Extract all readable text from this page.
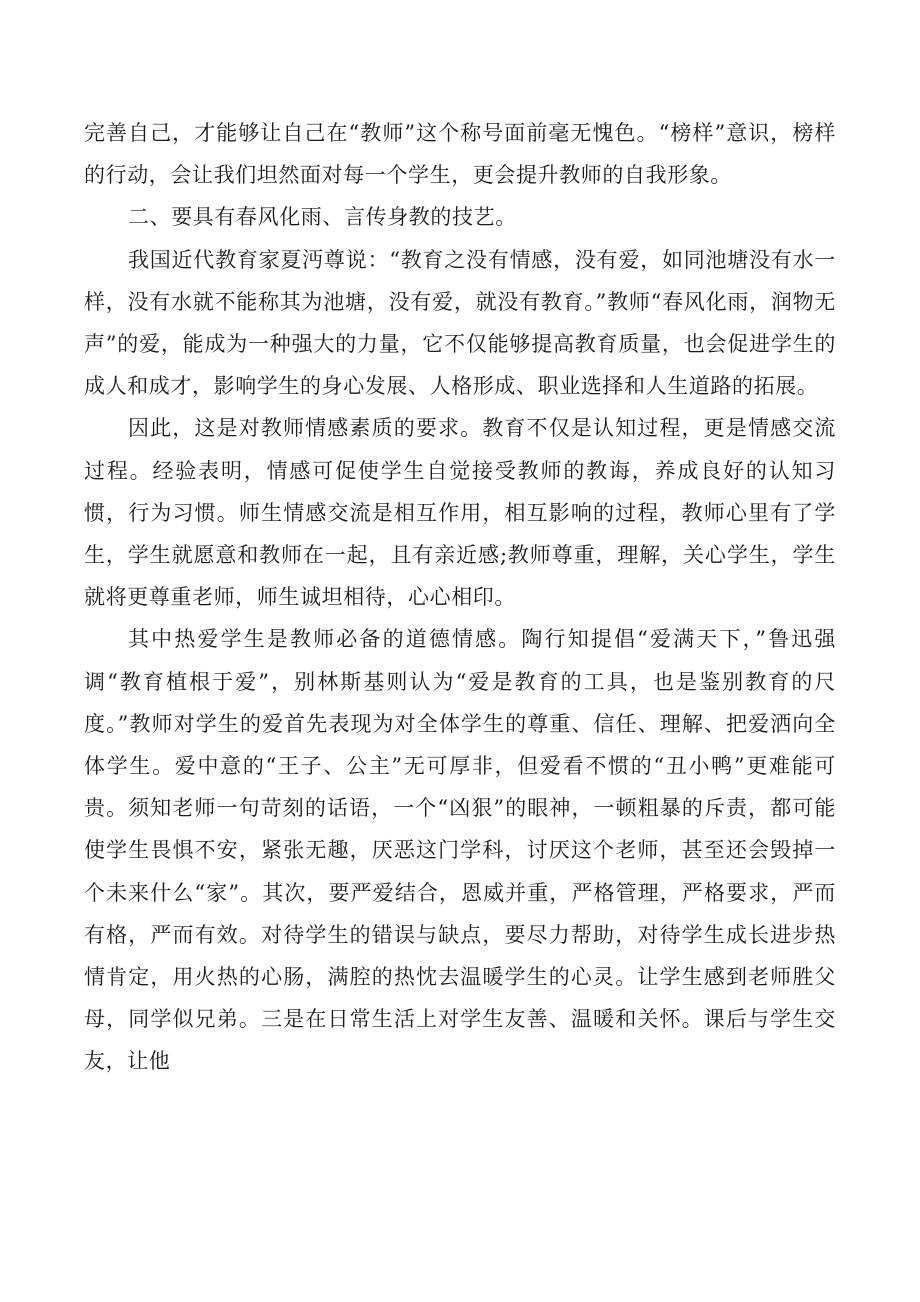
完善自己，才能够让自己在“教师”这个称号面前毫无愧色。“榜样”意识，榜样的行动，会让我们坦然面对每一个学生，更会提升教师的自我形象。

二、要具有春风化雨、言传身教的技艺。

我国近代教育家夏沔尊说：“教育之没有情感，没有爱，如同池塘没有水一样，没有水就不能称其为池塘，没有爱，就没有教育。”教师“春风化雨，润物无声”的爱，能成为一种强大的力量，它不仅能够提高教育质量，也会促进学生的成人和成才，影响学生的身心发展、人格形成、职业选择和人生道路的拓展。

因此，这是对教师情感素质的要求。教育不仅是认知过程，更是情感交流过程。经验表明，情感可促使学生自觉接受教师的教诲，养成良好的认知习惯，行为习惯。师生情感交流是相互作用，相互影响的过程，教师心里有了学生，学生就愿意和教师在一起，且有亲近感;教师尊重，理解，关心学生，学生就将更尊重老师，师生诚坦相待，心心相印。

其中热爱学生是教师必备的道德情感。陶行知提倡“爱满天下，”鲁迅强调“教育植根于爱”，别林斯基则认为“爱是教育的工具，也是鉴别教育的尺度。”教师对学生的爱首先表现为对全体学生的尊重、信任、理解、把爱洒向全体学生。爱中意的“王子、公主”无可厚非，但爱看不惯的“丑小鸭”更难能可贵。须知老师一句苛刻的话语，一个“凶狠”的眼神，一顿粗暴的斥责，都可能使学生畏惧不安，紧张无趣，厌恶这门学科，讨厌这个老师，甚至还会毁掉一个未来什么“家”。其次，要严爱结合，恩威并重，严格管理，严格要求，严而有格，严而有效。对待学生的错误与缺点，要尽力帮助，对待学生成长进步热情肯定，用火热的心肠，满腔的热忱去温暖学生的心灵。让学生感到老师胜父母，同学似兄弟。三是在日常生活上对学生友善、温暖和关怀。课后与学生交友，让他
